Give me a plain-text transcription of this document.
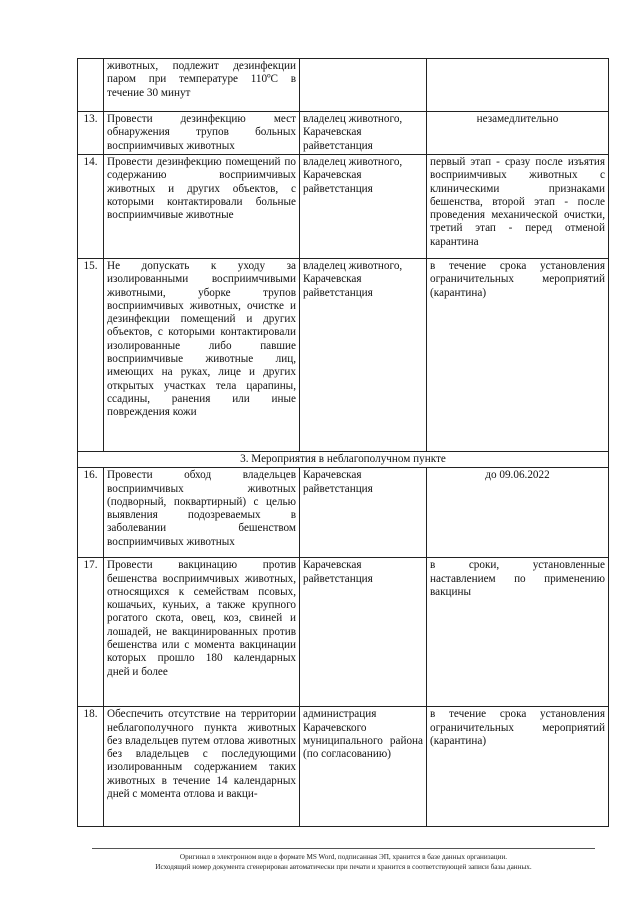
	животных, подлежит дезинфекции паром при температуре 110ºC в течение 30 минут		
13.	Провести дезинфекцию мест обнаружения трупов больных восприимчивых животных	владелец животного, Карачевская райветстанция	незамедлительно
14.	Провести дезинфекцию помещений по содержанию восприимчивых животных и других объектов, с которыми контактировали больные восприимчивые животные	владелец животного, Карачевская райветстанция	первый этап - сразу после изъятия восприимчивых животных с клиническими признаками бешенства, второй этап - после проведения механической очистки, третий этап - перед отменой карантина
15.	Не допускать к уходу за изолированными восприимчивыми животными, уборке трупов восприимчивых животных, очистке и дезинфекции помещений и других объектов, с которыми контактировали изолированные либо павшие восприимчивые животные лиц, имеющих на руках, лице и других открытых участках тела царапины, ссадины, ранения или иные повреждения кожи	владелец животного, Карачевская райветстанция	в течение срока установления ограничительных мероприятий (карантина)
3. Мероприятия в неблагополучном пункте			
16.	Провести обход владельцев восприимчивых животных (подворный, поквартирный) с целью выявления подозреваемых в заболевании бешенством восприимчивых животных	Карачевская райветстанция	до 09.06.2022
17.	Провести вакцинацию против бешенства восприимчивых животных, относящихся к семействам псовых, кошачьих, куньих, а также крупного рогатого скота, овец, коз, свиней и лошадей, не вакцинированных против бешенства или с момента вакцинации которых прошло 180 календарных дней и более	Карачевская райветстанция	в сроки, установленные наставлением по применению вакцины
18.	Обеспечить отсутствие на территории неблагополучного пункта животных без владельцев путем отлова животных без владельцев с последующими изолированным содержанием таких животных в течение 14 календарных дней с момента отлова и вакци-	администрация Карачевского муниципального района (по согласованию)	в течение срока установления ограничительных мероприятий (карантина)
Оригинал в электронном виде в формате MS Word, подписанная ЭП, хранится в базе данных организации.
Исходящий номер документа сгенерирован автоматически при печати и хранится в соответствующей записи базы данных.
